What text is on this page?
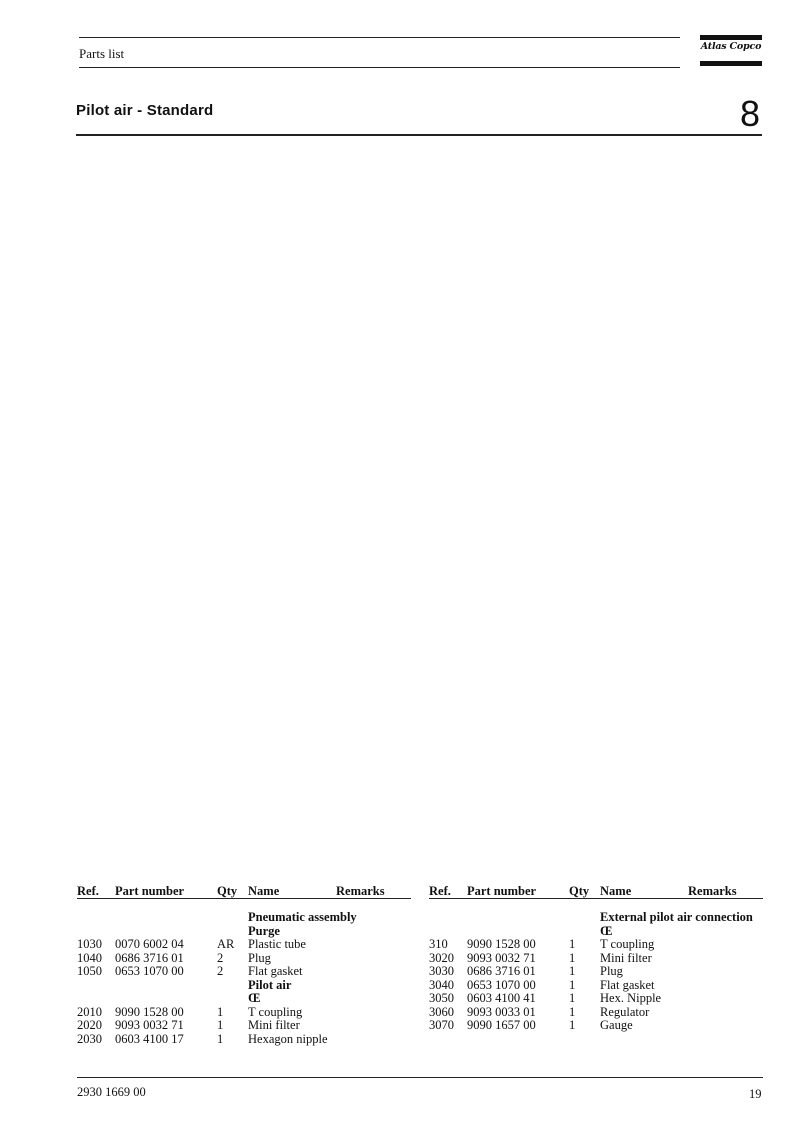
Parts list	Atlas Copco
Pilot air - Standard	8
Ref. Part number	Qty Name	Remarks
Pneumatic assembly
Purge
1030 0070 6002 04	AR Plastic tube
1040 0686 3716 01	2 Plug
1050 0653 1070 00	2 Flat gasket
Pilot air
Œ
2010 9090 1528 00	1 T coupling
2020 9093 0032 71	1 Mini filter
2030 0603 4100 17	1 Hexagon nipple
Ref. Part number	Qty Name	Remarks
External pilot air connection
Œ
310 9090 1528 00	1 T coupling
3020 9093 0032 71	1 Mini filter
3030 0686 3716 01	1 Plug
3040 0653 1070 00	1 Flat gasket
3050 0603 4100 41	1 Hex. Nipple
3060 9093 0033 01	1 Regulator
3070 9090 1657 00	1 Gauge
2930 1669 00	19
